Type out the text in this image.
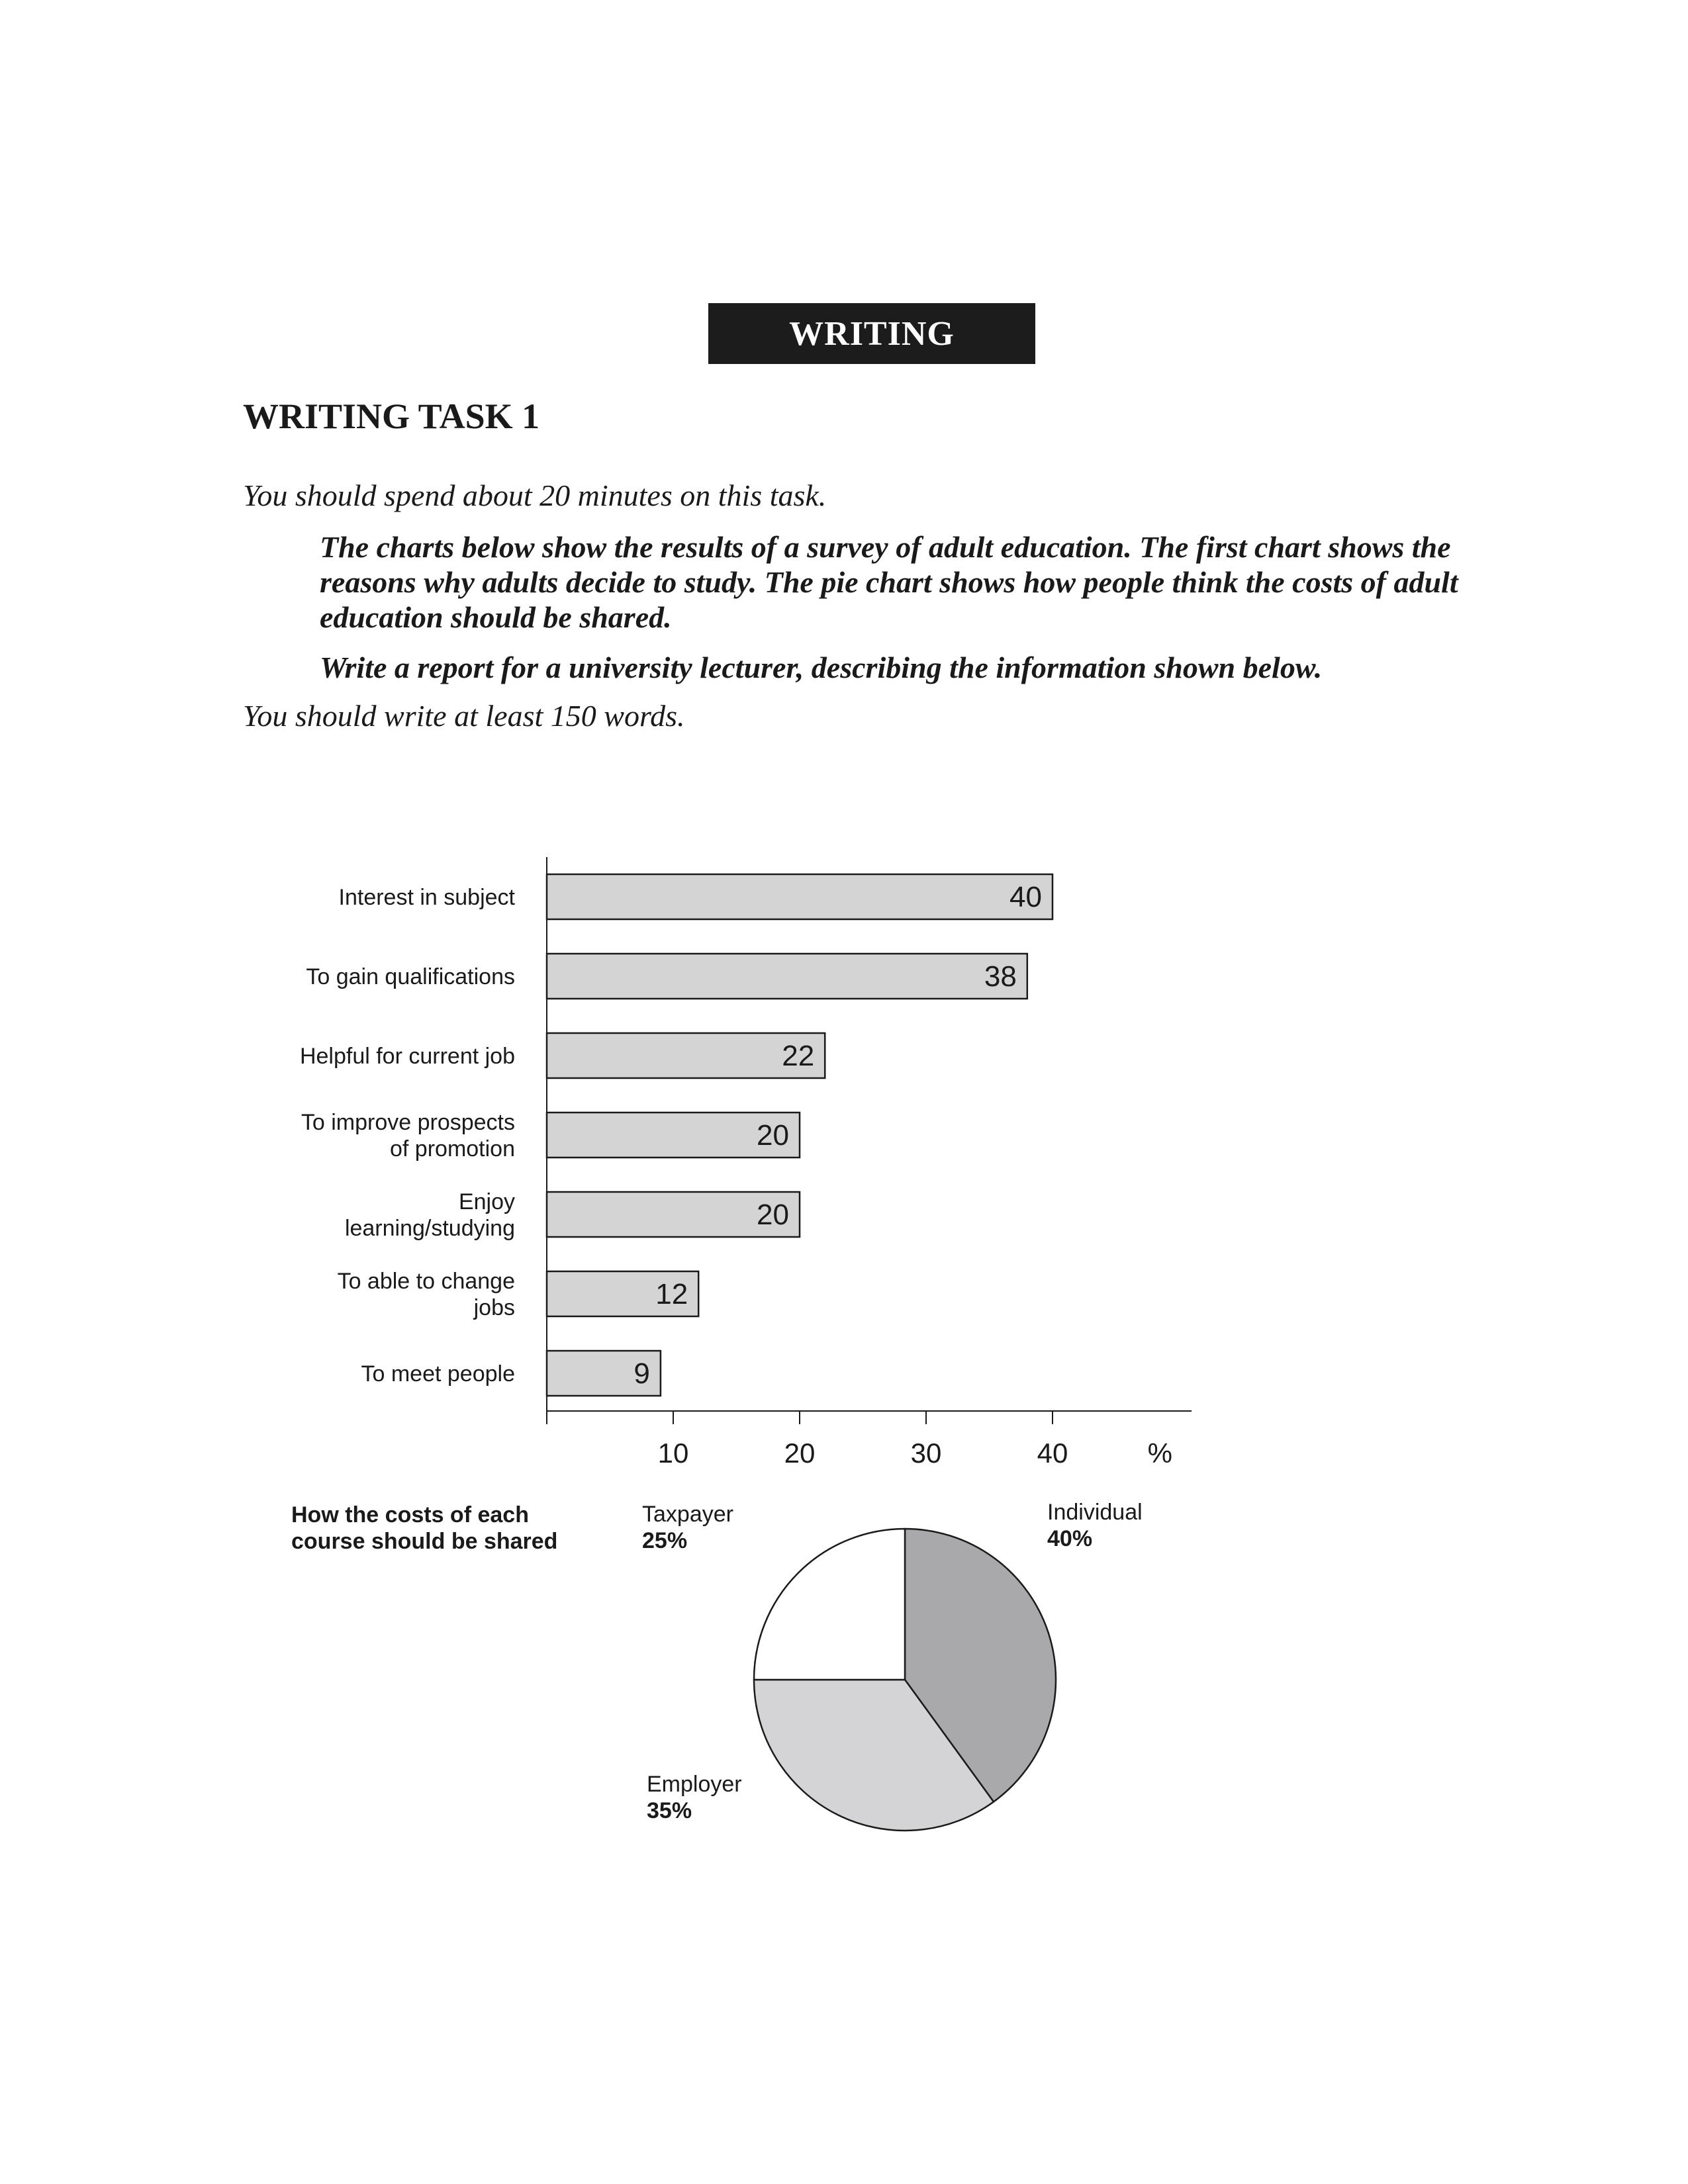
WRITING
WRITING TASK 1

You should spend about 20 minutes on this task.

The charts below show the results of a survey of adult education. The first chart shows the reasons why adults decide to study. The pie chart shows how people think the costs of adult education should be shared.

Write a report for a university lecturer, describing the information shown below.

You should write at least 150 words.

10	20	30	40	%
40
Interest in subject
38
To gain qualifications
22
Helpful for current job
20
To improve prospects
of promotion
20
Enjoy
learning/studying
12
To able to change
jobs
9
To meet people
How the costs of each
course should be shared
Individual
40%
Employer
35%
Taxpayer
25%
